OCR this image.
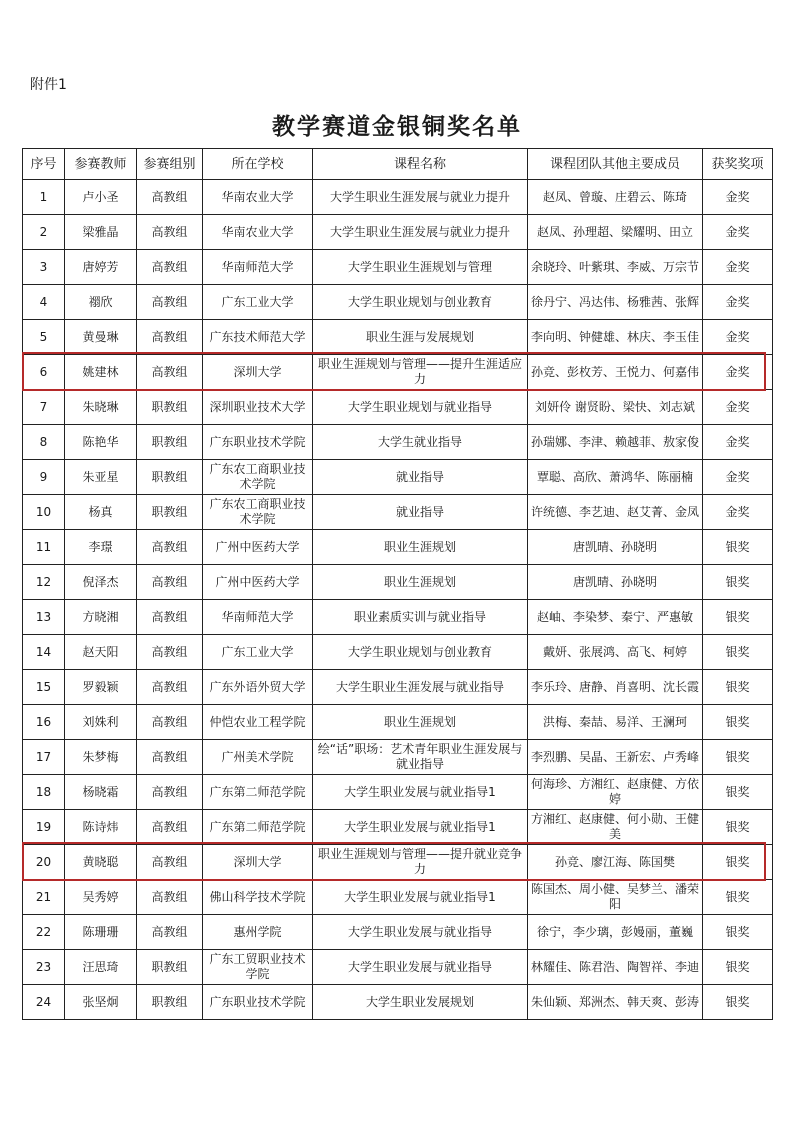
附件1
教学赛道金银铜奖名单
序号	参赛教师	参赛组别	所在学校	课程名称	课程团队其他主要成员	获奖奖项
1	卢小圣	高教组	华南农业大学	大学生职业生涯发展与就业力提升	赵凤、曾璇、庄碧云、陈琦	金奖
2	梁雅晶	高教组	华南农业大学	大学生职业生涯发展与就业力提升	赵凤、孙理超、梁耀明、田立	金奖
3	唐婷芳	高教组	华南师范大学	大学生职业生涯规划与管理	余晓玲、叶紫琪、李威、万宗节	金奖
4	禤欣	高教组	广东工业大学	大学生职业规划与创业教育	徐丹宁、冯达伟、杨雅茜、张辉	金奖
5	黄曼琳	高教组	广东技术师范大学	职业生涯与发展规划	李向明、钟健雄、林庆、李玉佳	金奖
6	姚建林	高教组	深圳大学	职业生涯规划与管理——提升生涯适应力	孙竞、彭枚芳、王悦力、何嘉伟	金奖
7	朱晓琳	职教组	深圳职业技术大学	大学生职业规划与就业指导	刘妍伶 谢贤盼、梁快、刘志斌	金奖
8	陈艳华	职教组	广东职业技术学院	大学生就业指导	孙瑞娜、李津、赖越菲、敖家俊	金奖
9	朱亚星	职教组	广东农工商职业技术学院	就业指导	覃聪、高欣、萧鸿华、陈丽楠	金奖
10	杨真	职教组	广东农工商职业技术学院	就业指导	许统德、李艺迪、赵艾菁、金凤	金奖
11	李璟	高教组	广州中医药大学	职业生涯规划	唐凯晴、孙晓明	银奖
12	倪泽杰	高教组	广州中医药大学	职业生涯规划	唐凯晴、孙晓明	银奖
13	方晓湘	高教组	华南师范大学	职业素质实训与就业指导	赵岫、李染梦、秦宁、严惠敏	银奖
14	赵天阳	高教组	广东工业大学	大学生职业规划与创业教育	戴妍、张展鸿、高飞、柯婷	银奖
15	罗毅颖	高教组	广东外语外贸大学	大学生职业生涯发展与就业指导	李乐玲、唐静、肖喜明、沈长霞	银奖
16	刘姝利	高教组	仲恺农业工程学院	职业生涯规划	洪梅、秦喆、易洋、王澜珂	银奖
17	朱梦梅	高教组	广州美术学院	绘“话”职场：艺术青年职业生涯发展与就业指导	李烈鹏、吴晶、王新宏、卢秀峰	银奖
18	杨晓霜	高教组	广东第二师范学院	大学生职业发展与就业指导1	何海珍、方湘红、赵康健、方依婷	银奖
19	陈诗炜	高教组	广东第二师范学院	大学生职业发展与就业指导1	方湘红、赵康健、何小勋、王健美	银奖
20	黄晓聪	高教组	深圳大学	职业生涯规划与管理——提升就业竞争力	孙竞、廖江海、陈国樊	银奖
21	吴秀婷	高教组	佛山科学技术学院	大学生职业发展与就业指导1	陈国杰、周小健、吴梦兰、潘荣阳	银奖
22	陈珊珊	高教组	惠州学院	大学生职业发展与就业指导	徐宁，李少璃，彭嫚丽，董巍	银奖
23	汪思琦	职教组	广东工贸职业技术学院	大学生职业发展与就业指导	林耀佳、陈君浩、陶智祥、李迪	银奖
24	张坚炯	职教组	广东职业技术学院	大学生职业发展规划	朱仙颖、郑洲杰、韩天爽、彭涛	银奖
